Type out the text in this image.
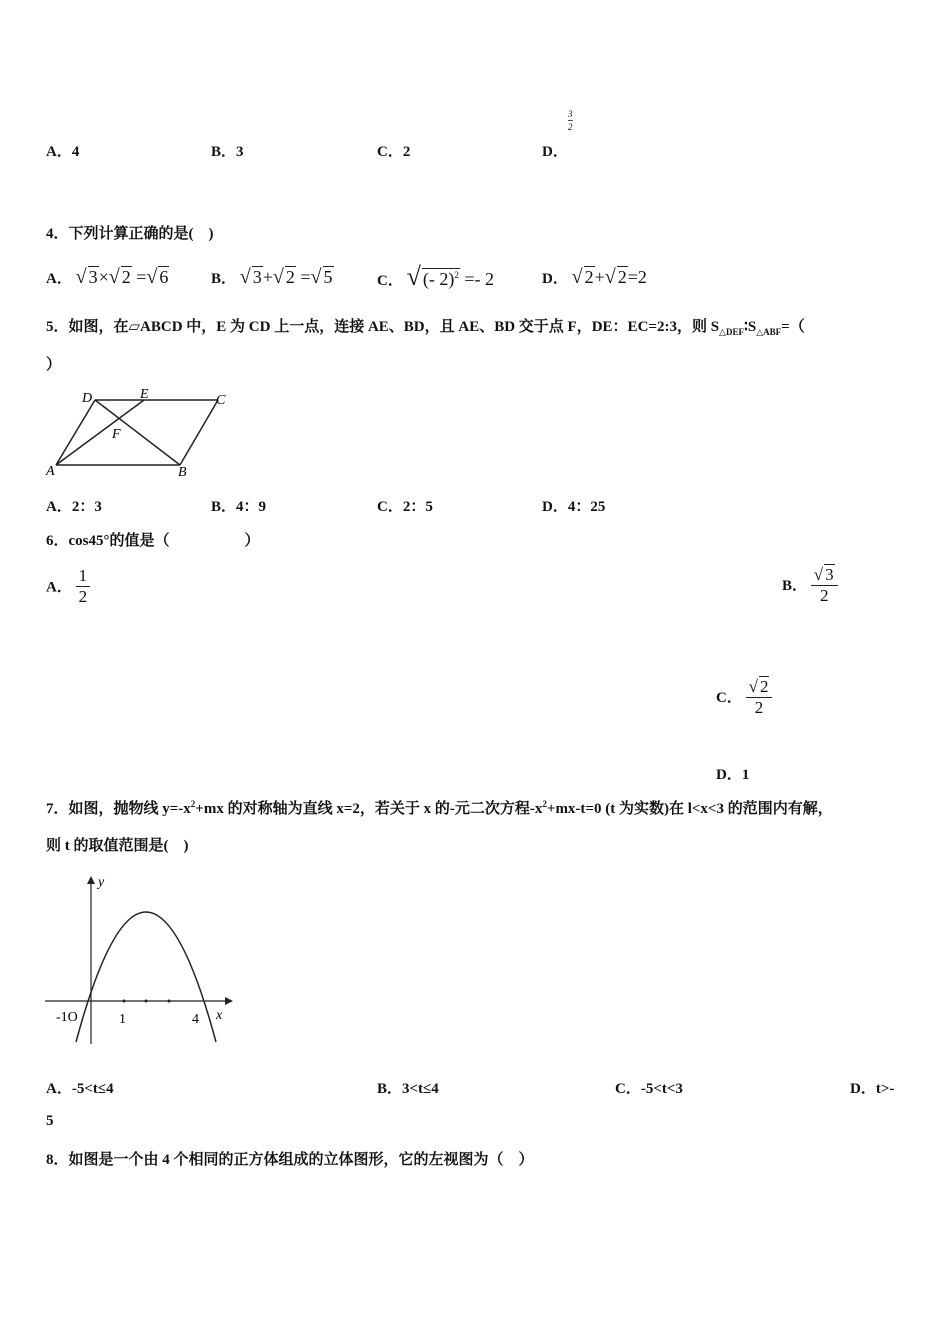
A．4	B．3	C．2	D．
$\frac{3}{2}$
4．下列计算正确的是(　)
A． √ 3×√ 2 =√ 6	B． √ 3+√ 2 =√ 5	C． √ (- 2)$^2$ =- 2	D． √ 2+√ 2=2
5．如图，在▱ABCD 中，E 为 CD 上一点，连接 AE、BD，且 AE、BD 交于点 F，DE：EC=2:3，则 $S_{\triangle DEF}∶S_{\triangle ABF}=$（
）
D	E	C
F
A	B
A．2：3	B．4：9	C．2：5	D．4：25
6．cos45°的值是（　　　　　）
A． $\frac{1}{2}$	B． $\frac{√ 3}{2}$
C． $\frac{√ 2}{2}$
D．1
7．如图，抛物线 $y=-x^2+mx$ 的对称轴为直线 x=2，若关于 x 的-元二次方程$-x^2+mx-t=0$ (t 为实数)在 l<x<3 的范围内有解，
则 t 的取值范围是(　)
y
x
-1O	1	4
A．-5<t≤4	B．3<t≤4	C．-5<t<3	D．t>-
5
8．如图是一个由 4 个相同的正方体组成的立体图形，它的左视图为（　）
